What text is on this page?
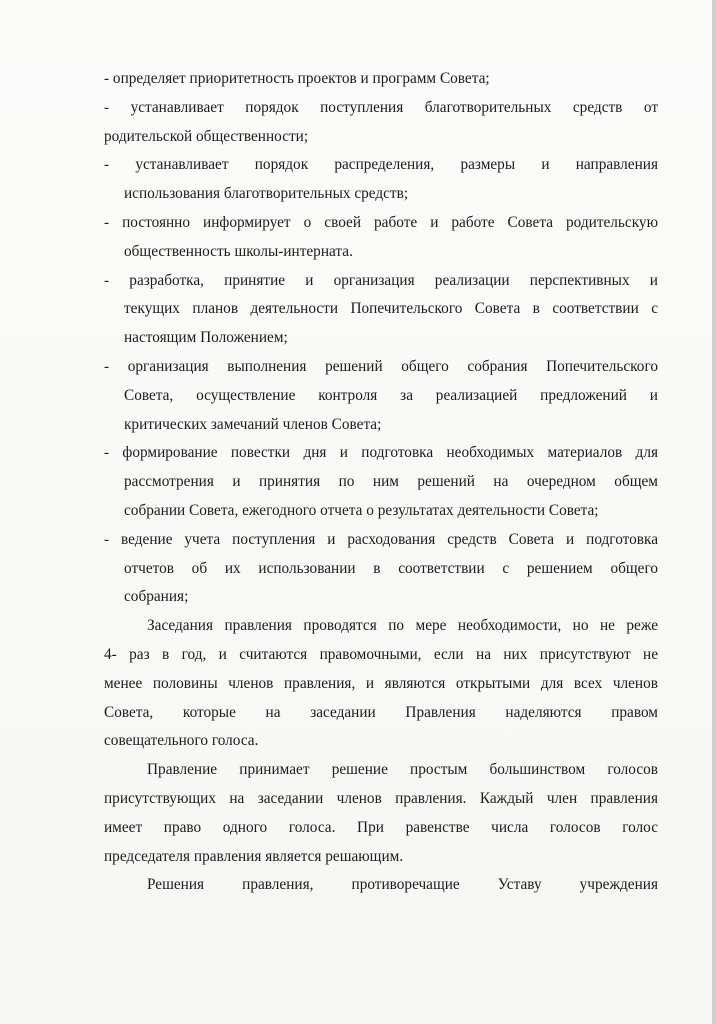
- определяет приоритетность проектов и программ Совета;
- устанавливает порядок поступления благотворительных средств от
родительской общественности;
- устанавливает порядок распределения, размеры и направления
использования благотворительных средств;
- постоянно информирует о своей работе и работе Совета родительскую
общественность школы-интерната.
- разработка, принятие и организация реализации перспективных и
текущих планов деятельности Попечительского Совета в соответствии с
настоящим Положением;
- организация выполнения решений общего собрания Попечительского
Совета, осуществление контроля за реализацией предложений и
критических замечаний членов Совета;
- формирование повестки дня и подготовка необходимых материалов для
рассмотрения и принятия по ним решений на очередном общем
собрании Совета, ежегодного отчета о результатах деятельности Совета;
- ведение учета поступления и расходования средств Совета и подготовка
отчетов об их использовании в соответствии с решением общего
собрания;
Заседания правления проводятся по мере необходимости, но не реже
4- раз в год, и считаются правомочными, если на них присутствуют не
менее половины членов правления, и являются открытыми для всех членов
Совета, которые на заседании Правления наделяются правом
совещательного голоса.
Правление принимает решение простым большинством голосов
присутствующих на заседании членов правления. Каждый член правления
имеет право одного голоса. При равенстве числа голосов голос
председателя правления является решающим.
Решения правления, противоречащие Уставу учреждения
